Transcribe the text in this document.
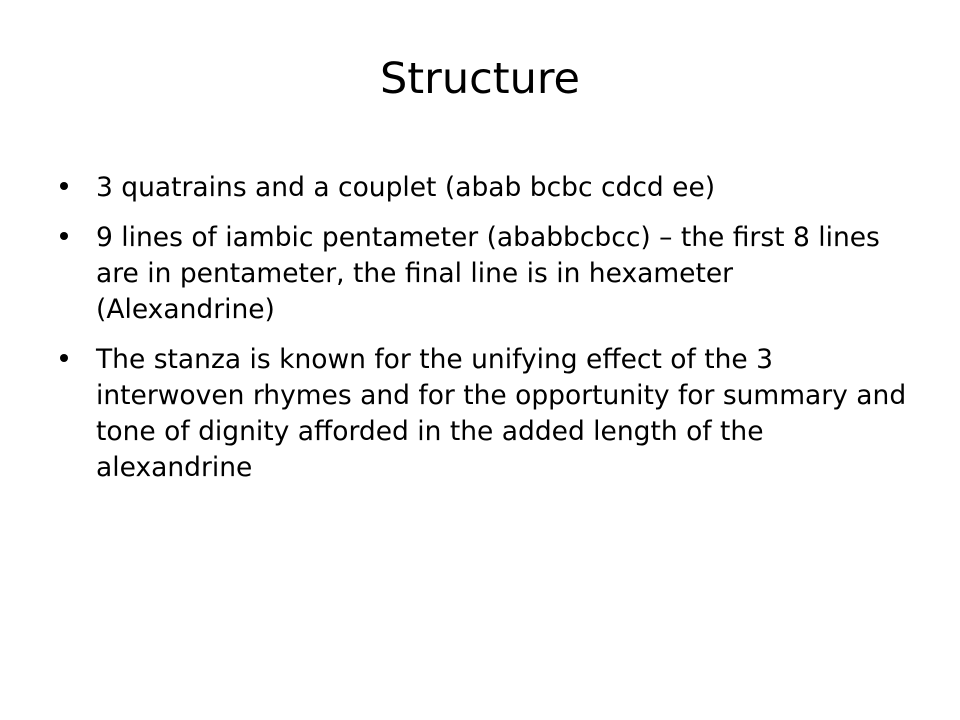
Structure
3 quatrains and a couplet (abab bcbc cdcd ee)
9 lines of iambic pentameter (ababbcbcc) – the first 8 lines are in pentameter, the final line is in hexameter (Alexandrine)
The stanza is known for the unifying effect of the 3 interwoven rhymes and for the opportunity for summary and tone of dignity afforded in the added length of the alexandrine
